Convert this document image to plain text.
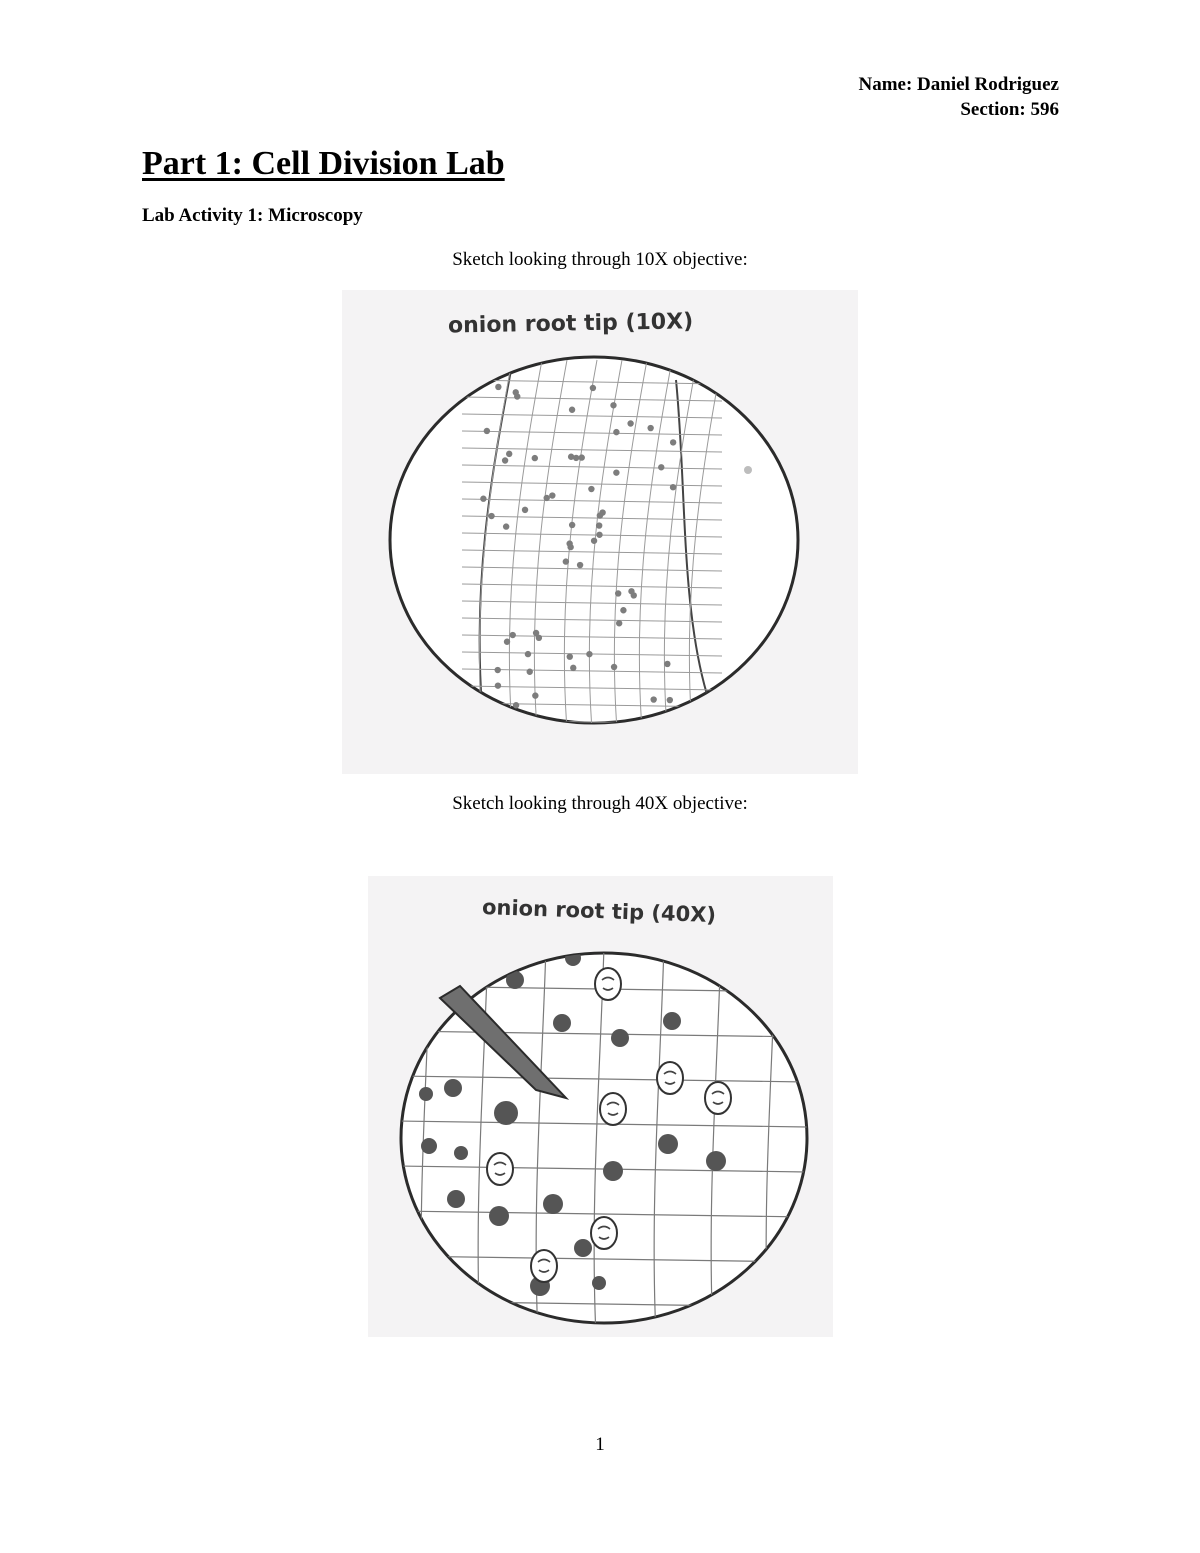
Name: Daniel Rodriguez
Section: 596
Part 1: Cell Division Lab
Lab Activity 1: Microscopy
Sketch looking through 10X objective:
onion root tip (10X)
Sketch looking through 40X objective:
onion root tip (40X)
1
